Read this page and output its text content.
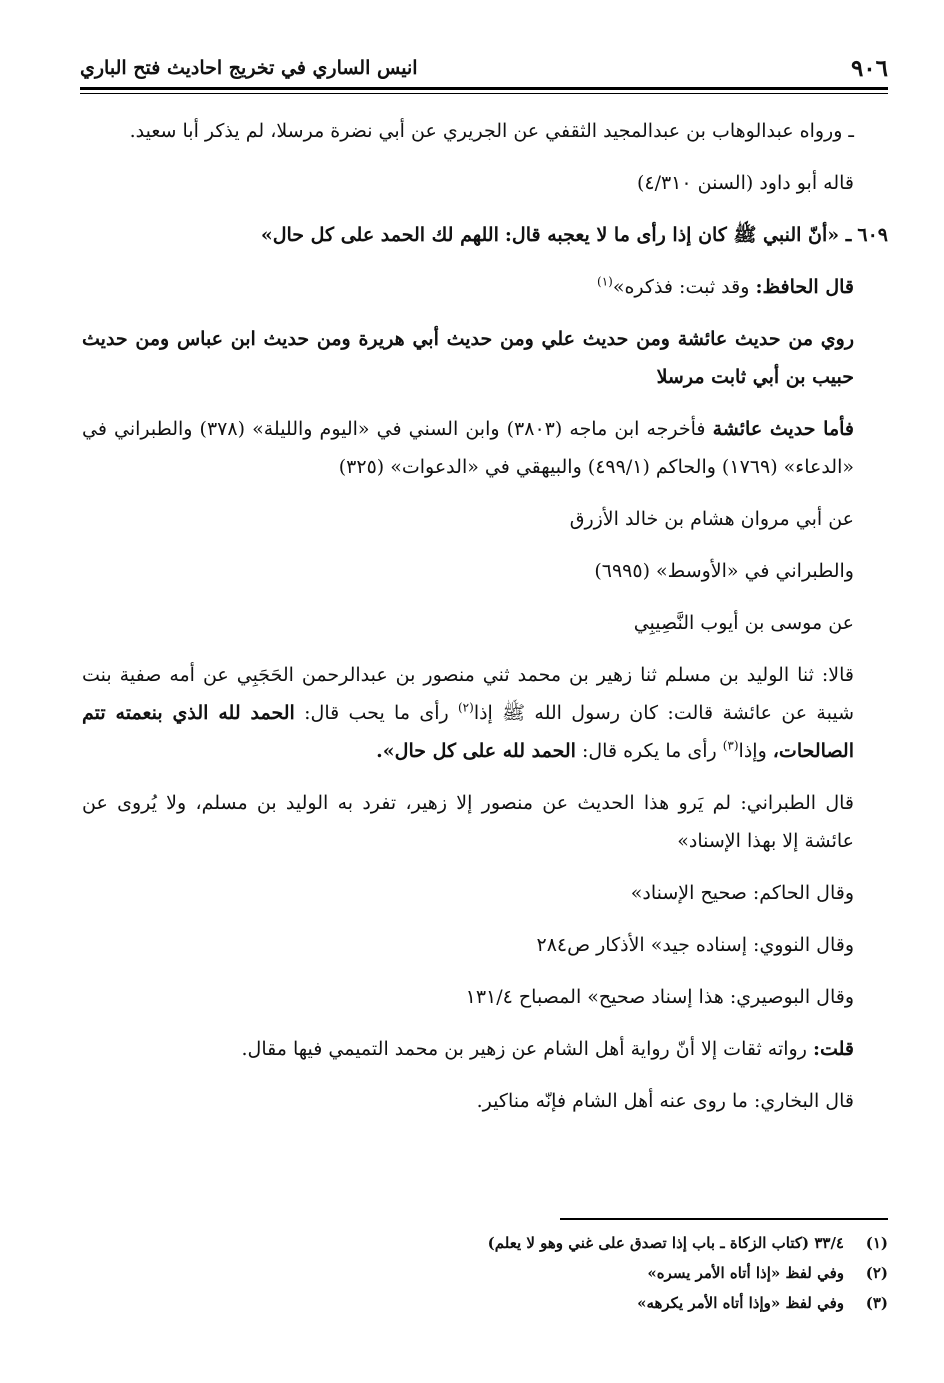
٩٠٦
انيس الساري في تخريج احاديث فتح الباري

ـ ورواه عبدالوهاب بن عبدالمجيد الثقفي عن الجريري عن أبي نضرة مرسلا، لم يذكر أبا سعيد.

قاله أبو داود (السنن ٤/٣١٠)

٦٠٩ ـ «أنّ النبي ﷺ كان إذا رأى ما لا يعجبه قال: اللهم لك الحمد على كل حال»

قال الحافظ: وقد ثبت: فذكره»$^{(١)}$

روي من حديث عائشة ومن حديث علي ومن حديث أبي هريرة ومن حديث ابن عباس ومن حديث حبيب بن أبي ثابت مرسلا

فأما حديث عائشة فأخرجه ابن ماجه (٣٨٠٣) وابن السني في «اليوم والليلة» (٣٧٨) والطبراني في «الدعاء» (١٧٦٩) والحاكم (٤٩٩/١) والبيهقي في «الدعوات» (٣٢٥)

عن أبي مروان هشام بن خالد الأزرق

والطبراني في «الأوسط» (٦٩٩٥)

عن موسى بن أيوب النَّصِيبِي

قالا: ثنا الوليد بن مسلم ثنا زهير بن محمد ثني منصور بن عبدالرحمن الحَجَبِي عن أمه صفية بنت شيبة عن عائشة قالت: كان رسول الله ﷺ إذا$^{(٢)}$ رأى ما يحب قال: الحمد لله الذي بنعمته تتم الصالحات، وإذا$^{(٣)}$ رأى ما يكره قال: الحمد لله على كل حال».

قال الطبراني: لم يَرو هذا الحديث عن منصور إلا زهير، تفرد به الوليد بن مسلم، ولا يُروى عن عائشة إلا بهذا الإسناد»

وقال الحاكم: صحيح الإسناد»

وقال النووي: إسناده جيد» الأذكار ص٢٨٤

وقال البوصيري: هذا إسناد صحيح» المصباح ١٣١/٤

قلت: رواته ثقات إلا أنّ رواية أهل الشام عن زهير بن محمد التميمي فيها مقال.

قال البخاري: ما روى عنه أهل الشام فإنّه مناكير.

(١)
٣٣/٤ (كتاب الزكاة ـ باب إذا تصدق على غني وهو لا يعلم)
(٢)
وفي لفظ «إذا أتاه الأمر يسره»
(٣)
وفي لفظ «وإذا أتاه الأمر يكرهه»
